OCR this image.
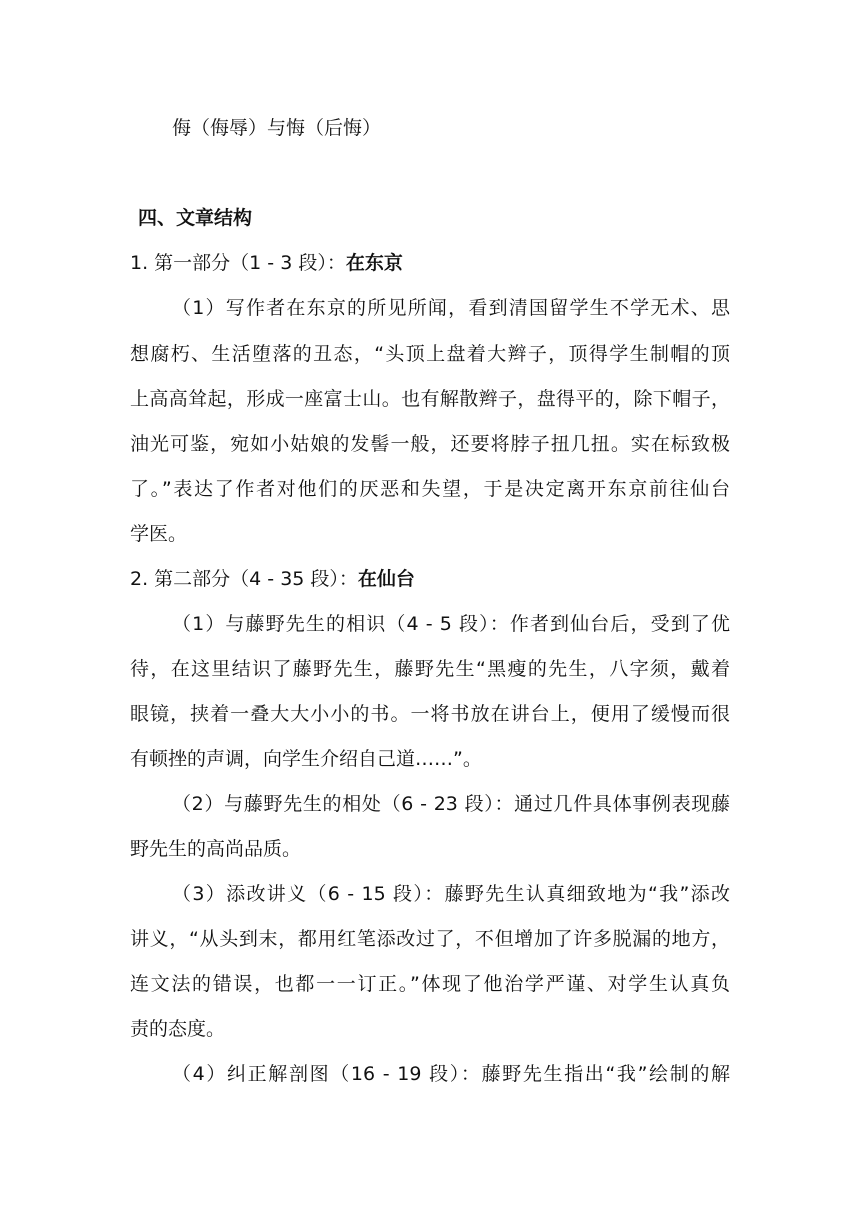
侮（侮辱）与悔（后悔）
四、文章结构
1. 第一部分（1 - 3 段）：在东京
（1）写作者在东京的所见所闻，看到清国留学生不学无术、思
想腐朽、生活堕落的丑态，“头顶上盘着大辫子，顶得学生制帽的顶
上高高耸起，形成一座富士山。也有解散辫子，盘得平的，除下帽子，
油光可鉴，宛如小姑娘的发髻一般，还要将脖子扭几扭。实在标致极
了。”表达了作者对他们的厌恶和失望，于是决定离开东京前往仙台
学医。
2. 第二部分（4 - 35 段）：在仙台
（1）与藤野先生的相识（4 - 5 段）：作者到仙台后，受到了优
待，在这里结识了藤野先生，藤野先生“黑瘦的先生，八字须，戴着
眼镜，挟着一叠大大小小的书。一将书放在讲台上，便用了缓慢而很
有顿挫的声调，向学生介绍自己道……”。
（2）与藤野先生的相处（6 - 23 段）：通过几件具体事例表现藤
野先生的高尚品质。
（3）添改讲义（6 - 15 段）：藤野先生认真细致地为“我”添改
讲义，“从头到末，都用红笔添改过了，不但增加了许多脱漏的地方，
连文法的错误，也都一一订正。”体现了他治学严谨、对学生认真负
责的态度。
（4）纠正解剖图（16 - 19 段）：藤野先生指出“我”绘制的解
